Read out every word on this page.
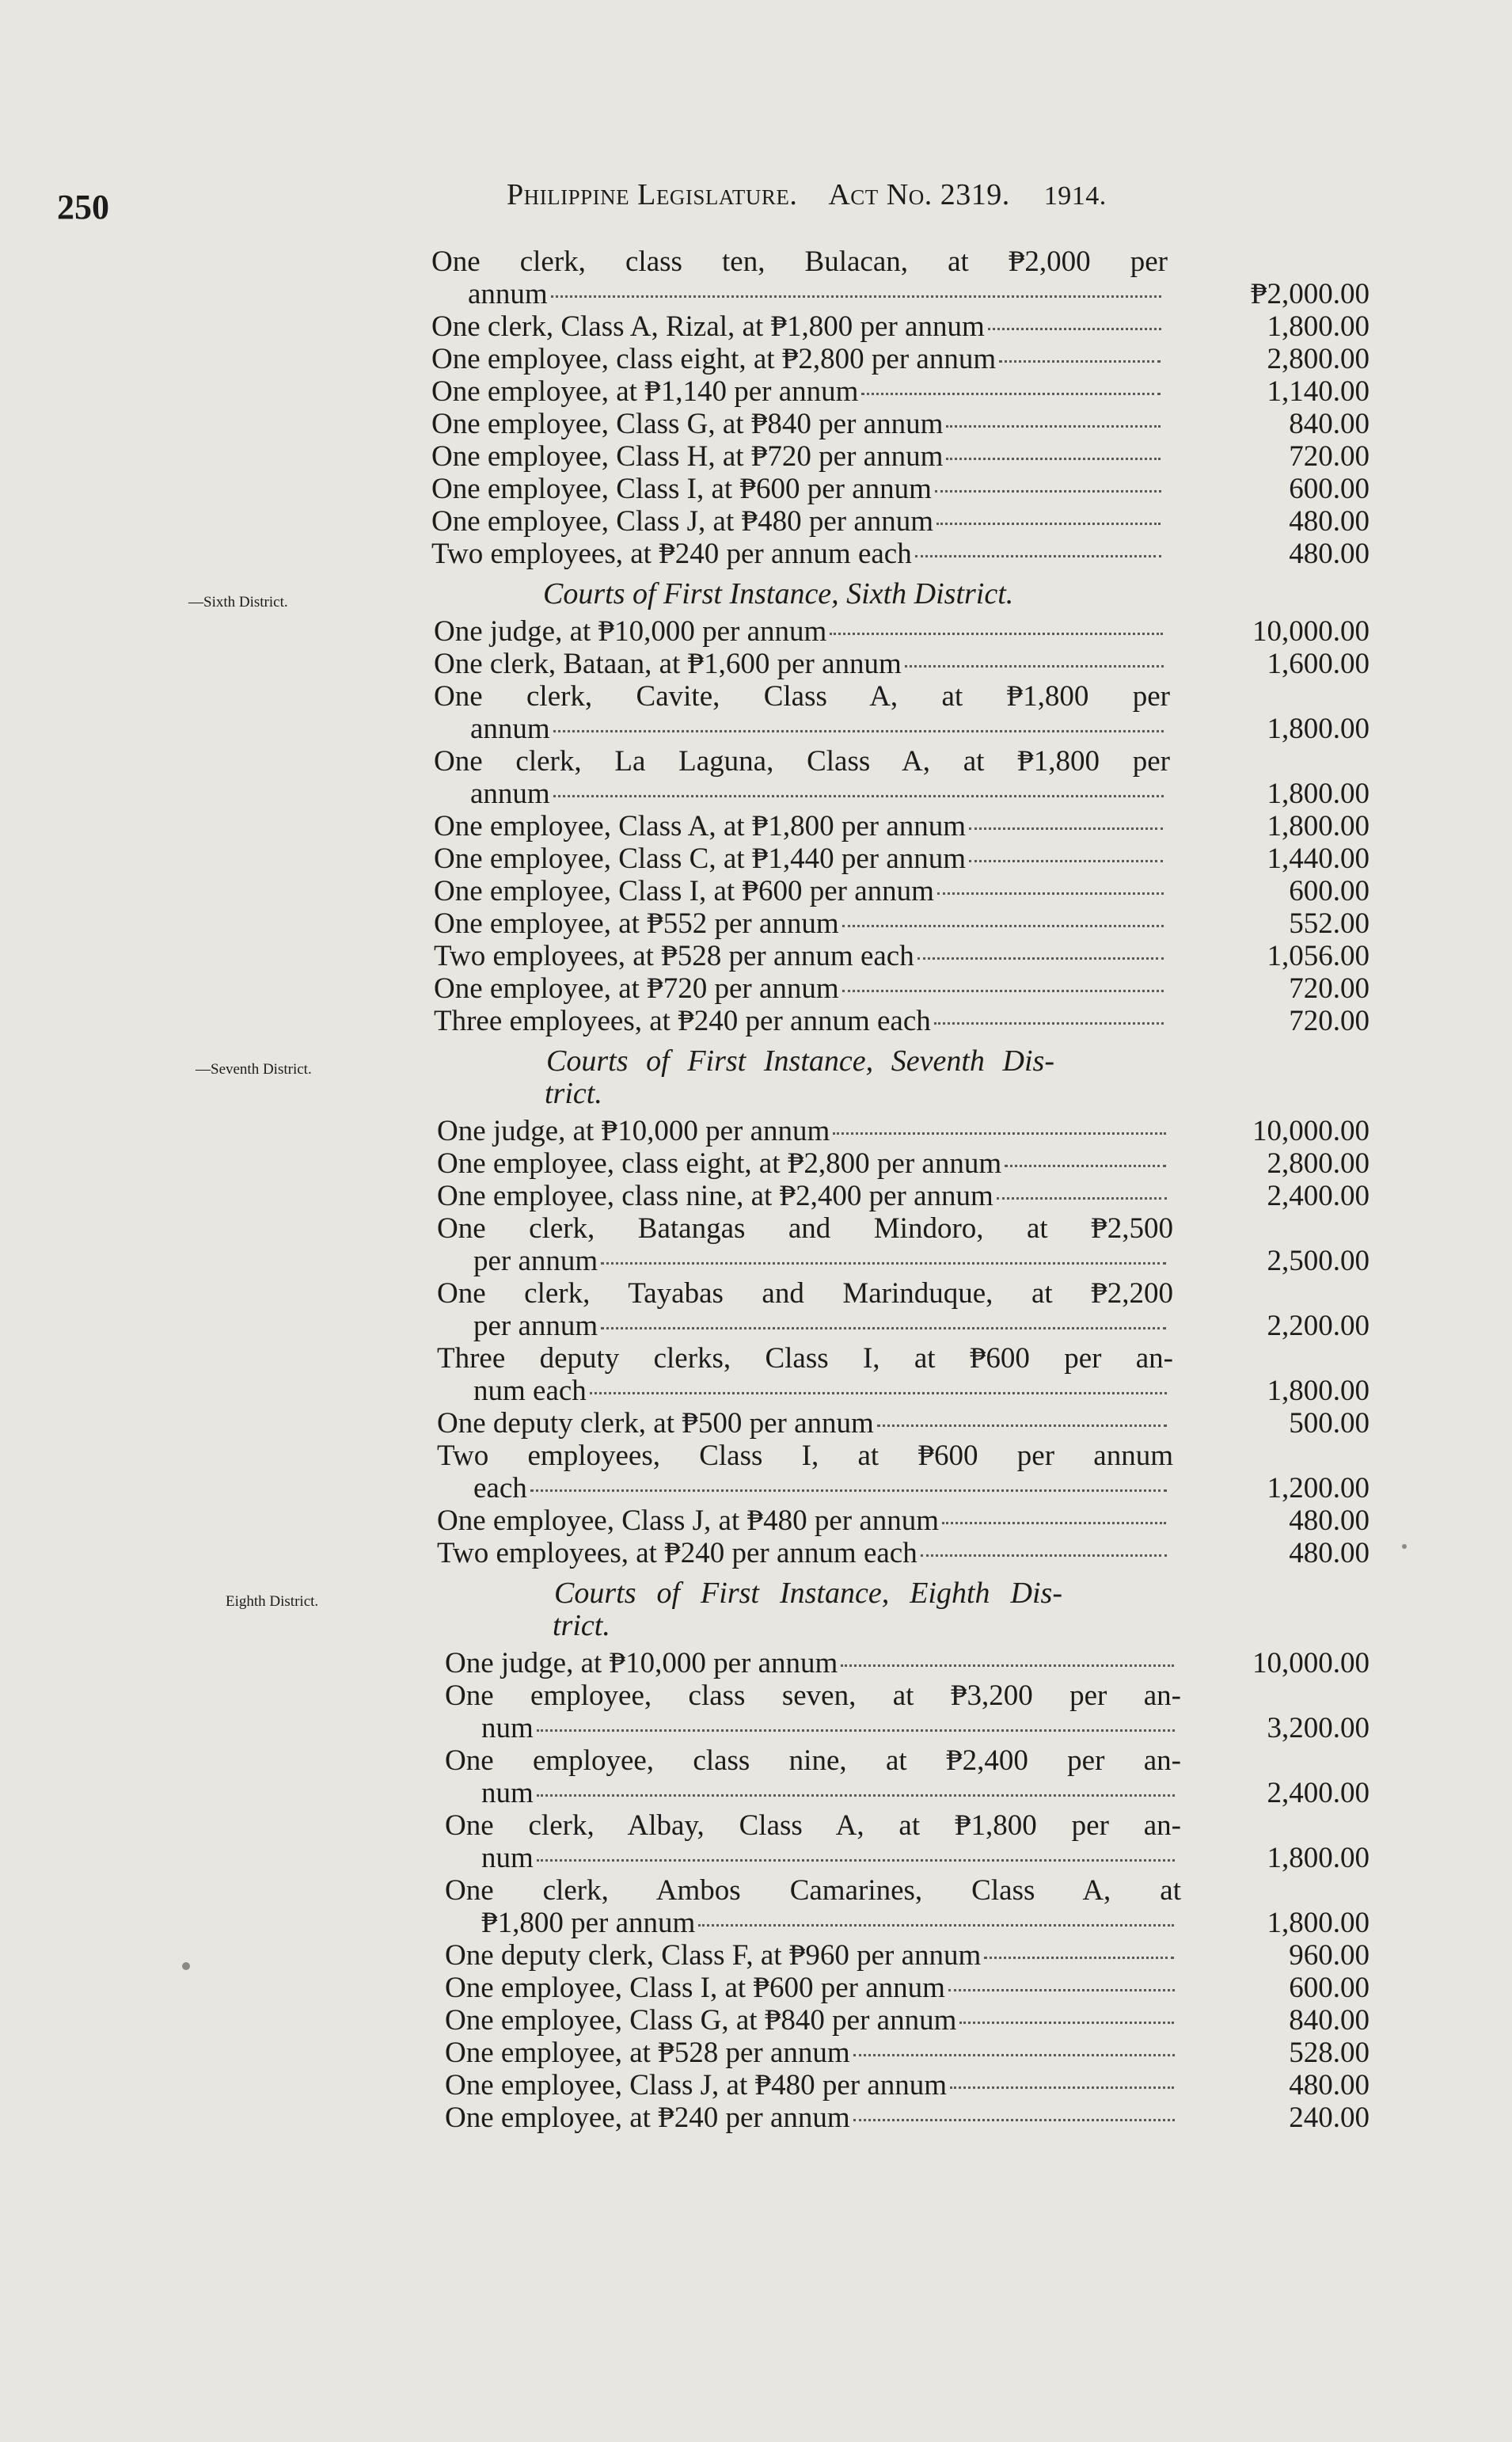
250	Philippine Legislature. Act No. 2319. 1914.
One clerk, class ten, Bulacan, at ₱2,000 per
annum	₱2,000.00
One clerk, Class A, Rizal, at ₱1,800 per annum	1,800.00
One employee, class eight, at ₱2,800 per annum	2,800.00
One employee, at ₱1,140 per annum	1,140.00
One employee, Class G, at ₱840 per annum	840.00
One employee, Class H, at ₱720 per annum	720.00
One employee, Class I, at ₱600 per annum	600.00
One employee, Class J, at ₱480 per annum	480.00
Two employees, at ₱240 per annum each	480.00
—Sixth District.	Courts of First Instance, Sixth District.
One judge, at ₱10,000 per annum	10,000.00
One clerk, Bataan, at ₱1,600 per annum	1,600.00
One clerk, Cavite, Class A, at ₱1,800 per
annum	1,800.00
One clerk, La Laguna, Class A, at ₱1,800 per
annum	1,800.00
One employee, Class A, at ₱1,800 per annum	1,800.00
One employee, Class C, at ₱1,440 per annum	1,440.00
One employee, Class I, at ₱600 per annum	600.00
One employee, at ₱552 per annum	552.00
Two employees, at ₱528 per annum each	1,056.00
One employee, at ₱720 per annum	720.00
Three employees, at ₱240 per annum each	720.00
—Seventh District.	Courts of First Instance, Seventh Dis-
trict.
One judge, at ₱10,000 per annum	10,000.00
One employee, class eight, at ₱2,800 per annum	2,800.00
One employee, class nine, at ₱2,400 per annum	2,400.00
One clerk, Batangas and Mindoro, at ₱2,500
per annum	2,500.00
One clerk, Tayabas and Marinduque, at ₱2,200
per annum	2,200.00
Three deputy clerks, Class I, at ₱600 per an-
num each	1,800.00
One deputy clerk, at ₱500 per annum	500.00
Two employees, Class I, at ₱600 per annum
each	1,200.00
One employee, Class J, at ₱480 per annum	480.00
Two employees, at ₱240 per annum each	480.00
Eighth District.	Courts of First Instance, Eighth Dis-
trict.
One judge, at ₱10,000 per annum	10,000.00
One employee, class seven, at ₱3,200 per an-
num	3,200.00
One employee, class nine, at ₱2,400 per an-
num	2,400.00
One clerk, Albay, Class A, at ₱1,800 per an-
num	1,800.00
One clerk, Ambos Camarines, Class A, at
₱1,800 per annum	1,800.00
One deputy clerk, Class F, at ₱960 per annum	960.00
One employee, Class I, at ₱600 per annum	600.00
One employee, Class G, at ₱840 per annum	840.00
One employee, at ₱528 per annum	528.00
One employee, Class J, at ₱480 per annum	480.00
One employee, at ₱240 per annum	240.00
